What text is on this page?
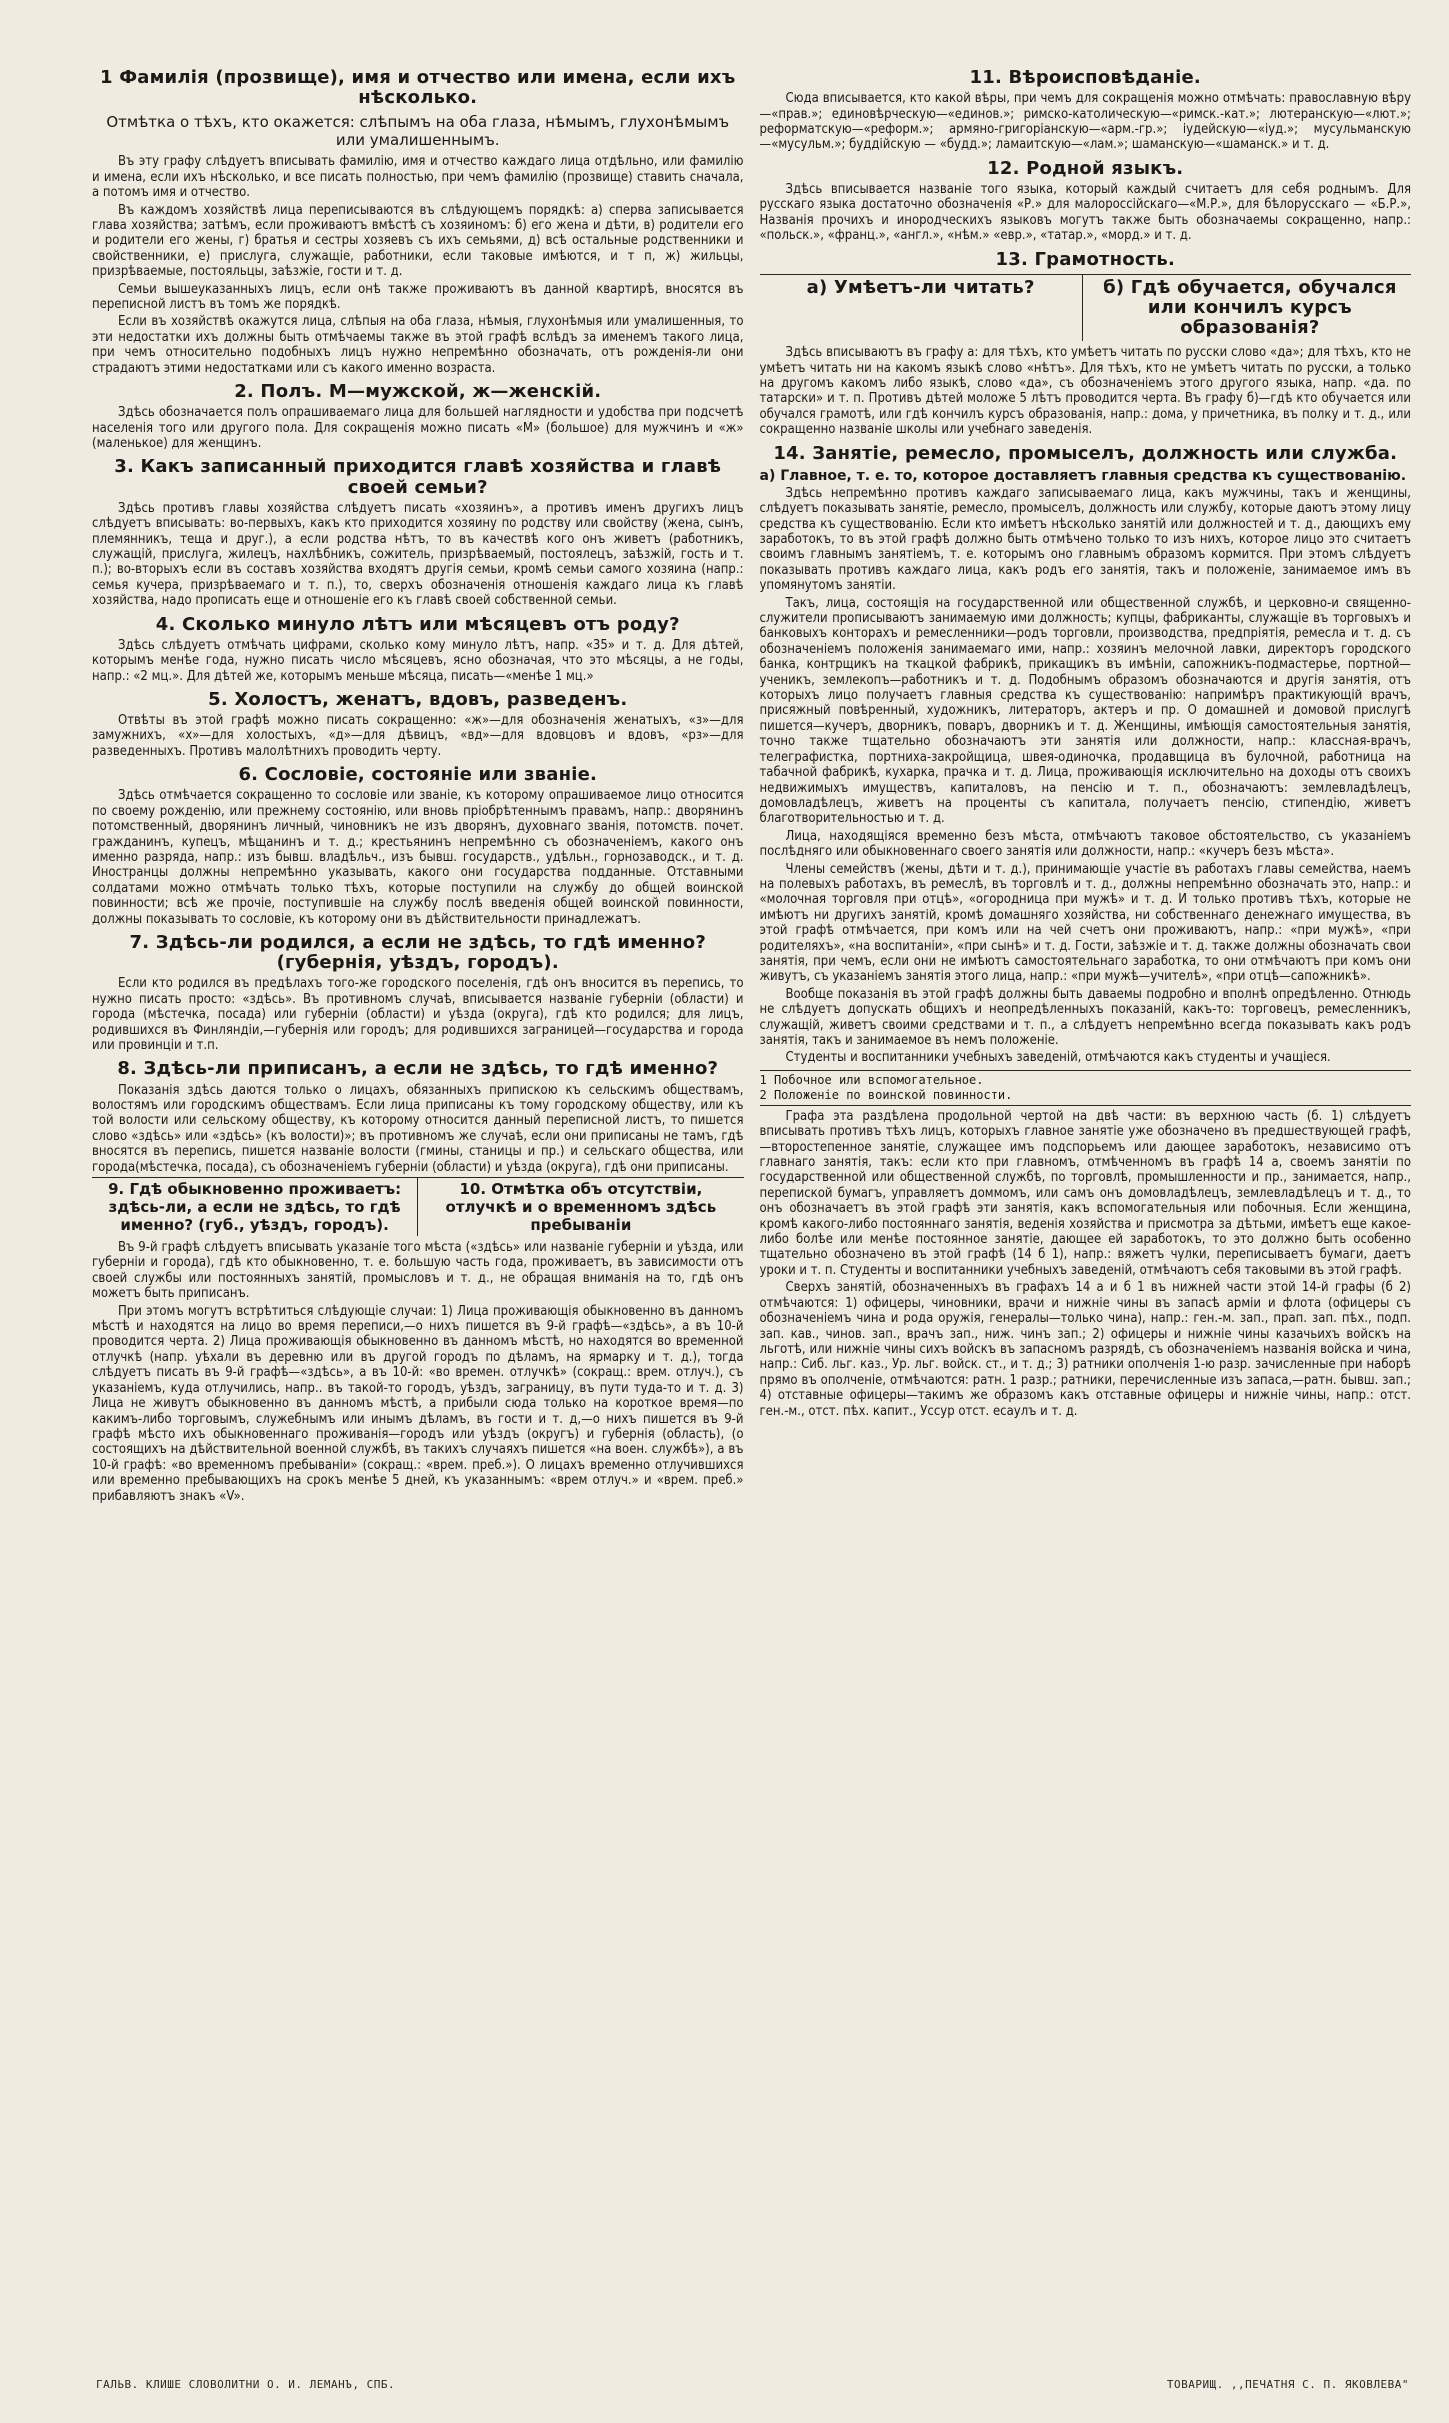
1 Фамилія (прозвище), имя и отчество или имена, если ихъ нѣсколько.
Отмѣтка о тѣхъ, кто окажется: слѣпымъ на оба глаза, нѣмымъ, глухонѣмымъ или умалишеннымъ.

Въ эту графу слѣдуетъ вписывать фамилію, имя и отчество каждаго лица отдѣльно, или фамилію и имена, если ихъ нѣсколько, и все писать полностью, при чемъ фамилію (прозвище) ставить сначала, а потомъ имя и отчество.

Въ каждомъ хозяйствѣ лица переписываются въ слѣдующемъ порядкѣ: а) сперва записывается глава хозяйства; затѣмъ, если проживаютъ вмѣстѣ съ хозяиномъ: б) его жена и дѣти, в) родители его и родители его жены, г) братья и сестры хозяевъ съ ихъ семьями, д) всѣ остальные родственники и свойственники, е) прислуга, служащіе, работники, если таковые имѣются, и т п, ж) жильцы, призрѣваемые, постояльцы, заѣзжіе, гости и т. д.

Семьи вышеуказанныхъ лицъ, если онѣ также проживаютъ въ данной квартирѣ, вносятся въ переписной листъ въ томъ же порядкѣ.

Если въ хозяйствѣ окажутся лица, слѣпыя на оба глаза, нѣмыя, глухонѣмыя или умалишенныя, то эти недостатки ихъ должны быть отмѣчаемы также въ этой графѣ вслѣдъ за именемъ такого лица, при чемъ относительно подобныхъ лицъ нужно непремѣнно обозначать, отъ рожденія-ли они страдаютъ этими недостатками или съ какого именно возраста.

2. Полъ. М—мужской, ж—женскій.

Здѣсь обозначается полъ опрашиваемаго лица для большей наглядности и удобства при подсчетѣ населенія того или другого пола. Для сокращенія можно писать «М» (большое) для мужчинъ и «ж» (маленькое) для женщинъ.

3. Какъ записанный приходится главѣ хозяйства и главѣ своей семьи?

Здѣсь противъ главы хозяйства слѣдуетъ писать «хозяинъ», а противъ именъ другихъ лицъ слѣдуетъ вписывать: во-первыхъ, какъ кто приходится хозяину по родству или свойству (жена, сынъ, племянникъ, теща и друг.), а если родства нѣтъ, то въ качествѣ кого онъ живетъ (работникъ, служащій, прислуга, жилецъ, нахлѣбникъ, сожитель, призрѣваемый, постоялецъ, заѣзжій, гость и т. п.); во-вторыхъ если въ составъ хозяйства входятъ другія семьи, кромѣ семьи самого хозяина (напр.: семья кучера, призрѣваемаго и т. п.), то, сверхъ обозначенія отношенія каждаго лица къ главѣ хозяйства, надо прописать еще и отношеніе его къ главѣ своей собственной семьи.

4. Сколько минуло лѣтъ или мѣсяцевъ отъ роду?

Здѣсь слѣдуетъ отмѣчать цифрами, сколько кому минуло лѣтъ, напр. «35» и т. д. Для дѣтей, которымъ менѣе года, нужно писать число мѣсяцевъ, ясно обозначая, что это мѣсяцы, а не годы, напр.: «2 мц.». Для дѣтей же, которымъ меньше мѣсяца, писать—«менѣе 1 мц.»

5. Холостъ, женатъ, вдовъ, разведенъ.

Отвѣты въ этой графѣ можно писать сокращенно: «ж»—для обозначенія женатыхъ, «з»—для замужнихъ, «х»—для холостыхъ, «д»—для дѣвицъ, «вд»—для вдовцовъ и вдовъ, «рз»—для разведенныхъ. Противъ малолѣтнихъ проводить черту.

6. Сословіе, состояніе или званіе.

Здѣсь отмѣчается сокращенно то сословіе или званіе, къ которому опрашиваемое лицо относится по своему рожденію, или прежнему состоянію, или вновь пріобрѣтеннымъ правамъ, напр.: дворянинъ потомственный, дворянинъ личный, чиновникъ не изъ дворянъ, духовнаго званія, потомств. почет. гражданинъ, купецъ, мѣщанинъ и т. д.; крестьянинъ непремѣнно съ обозначеніемъ, какого онъ именно разряда, напр.: изъ бывш. владѣльч., изъ бывш. государств., удѣльн., горнозаводск., и т. д. Иностранцы должны непремѣнно указывать, какого они государства подданные. Отставными солдатами можно отмѣчать только тѣхъ, которые поступили на службу до общей воинской повинности; всѣ же прочіе, поступившіе на службу послѣ введенія общей воинской повинности, должны показывать то сословіе, къ которому они въ дѣйствительности принадлежатъ.

7. Здѣсь-ли родился, а если не здѣсь, то гдѣ именно? (губернія, уѣздъ, городъ).

Если кто родился въ предѣлахъ того-же городского поселенія, гдѣ онъ вносится въ перепись, то нужно писать просто: «здѣсь». Въ противномъ случаѣ, вписывается названіе губерніи (области) и города (мѣстечка, посада) или губерніи (области) и уѣзда (округа), гдѣ кто родился; для лицъ, родившихся въ Финляндіи,—губернія или городъ; для родившихся заграницей—государства и города или провинціи и т.п.

8. Здѣсь-ли приписанъ, а если не здѣсь, то гдѣ именно?

Показанія здѣсь даются только о лицахъ, обязанныхъ припискою къ сельскимъ обществамъ, волостямъ или городскимъ обществамъ. Если лица приписаны къ тому городскому обществу, или къ той волости или сельскому обществу, къ которому относится данный переписной листъ, то пишется слово «здѣсь» или «здѣсь» (къ волости)»; въ противномъ же случаѣ, если они приписаны не тамъ, гдѣ вносятся въ перепись, пишется названіе волости (гмины, станицы и пр.) и сельскаго общества, или города(мѣстечка, посада), съ обозначеніемъ губерніи (области) и уѣзда (округа), гдѣ они приписаны.

9. Гдѣ обыкновенно проживаетъ: здѣсь-ли, а если не здѣсь, то гдѣ именно? (губ., уѣздъ, городъ).
10. Отмѣтка объ отсутствіи, отлучкѣ и о временномъ здѣсь пребываніи

Въ 9-й графѣ слѣдуетъ вписывать указаніе того мѣста («здѣсь» или названіе губерніи и уѣзда, или губерніи и города), гдѣ кто обыкновенно, т. е. большую часть года, проживаетъ, въ зависимости отъ своей службы или постоянныхъ занятій, промысловъ и т. д., не обращая вниманія на то, гдѣ онъ можетъ быть приписанъ.

При этомъ могутъ встрѣтиться слѣдующіе случаи: 1) Лица проживающія обыкновенно въ данномъ мѣстѣ и находятся на лицо во время переписи,—о нихъ пишется въ 9-й графѣ—«здѣсь», а въ 10-й проводится черта. 2) Лица проживающія обыкновенно въ данномъ мѣстѣ, но находятся во временной отлучкѣ (напр. уѣхали въ деревню или въ другой городъ по дѣламъ, на ярмарку и т. д.), тогда слѣдуетъ писать въ 9-й графѣ—«здѣсь», а въ 10-й: «во времен. отлучкѣ» (сокращ.: врем. отлуч.), съ указаніемъ, куда отлучились, напр.. въ такой-то городъ, уѣздъ, заграницу, въ пути туда-то и т. д. 3) Лица не живутъ обыкновенно въ данномъ мѣстѣ, а прибыли сюда только на короткое время—по какимъ-либо торговымъ, служебнымъ или инымъ дѣламъ, въ гости и т. д,—о нихъ пишется въ 9-й графѣ мѣсто ихъ обыкновеннаго проживанія—городъ или уѣздъ (округъ) и губернія (область), (о состоящихъ на дѣйствительной военной службѣ, въ такихъ случаяхъ пишется «на воен. службѣ»), а въ 10-й графѣ: «во временномъ пребываніи» (сокращ.: «врем. преб.»). О лицахъ временно отлучившихся или временно пребывающихъ на срокъ менѣе 5 дней, къ указаннымъ: «врем отлуч.» и «врем. преб.» прибавляютъ знакъ «V».

11. Вѣроисповѣданіе.

Сюда вписывается, кто какой вѣры, при чемъ для сокращенія можно отмѣчать: православную вѣру—«прав.»; единовѣрческую—«единов.»; римско-католическую—«римск.-кат.»; лютеранскую—«лют.»; реформатскую—«реформ.»; армяно-григоріанскую—«арм.-гр.»; іудейскую—«іуд.»; мусульманскую—«мусульм.»; буддійскую — «будд.»; ламаитскую—«лам.»; шаманскую—«шаманск.» и т. д.

12. Родной языкъ.

Здѣсь вписывается названіе того языка, который каждый считаетъ для себя роднымъ. Для русскаго языка достаточно обозначенія «Р.» для малороссійскаго—«М.Р.», для бѣлорусскаго — «Б.Р.», Названія прочихъ и инородческихъ языковъ могутъ также быть обозначаемы сокращенно, напр.: «польск.», «франц.», «англ.», «нѣм.» «евр.», «татар.», «морд.» и т. д.

13. Грамотность.
а) Умѣетъ-ли читать?	б) Гдѣ обучается, обучался или кончилъ курсъ образованія?

Здѣсь вписываютъ въ графу а: для тѣхъ, кто умѣетъ читать по русски слово «да»; для тѣхъ, кто не умѣетъ читать ни на какомъ языкѣ слово «нѣтъ». Для тѣхъ, кто не умѣетъ читать по русски, а только на другомъ какомъ либо языкѣ, слово «да», съ обозначеніемъ этого другого языка, напр. «да. по татарски» и т. п. Противъ дѣтей моложе 5 лѣтъ проводится черта. Въ графу б)—гдѣ кто обучается или обучался грамотѣ, или гдѣ кончилъ курсъ образованія, напр.: дома, у причетника, въ полку и т. д., или сокращенно названіе школы или учебнаго заведенія.

14. Занятіе, ремесло, промыселъ, должность или служба.
а) Главное, т. е. то, которое доставляетъ главныя средства къ существованію.

Здѣсь непремѣнно противъ каждаго записываемаго лица, какъ мужчины, такъ и женщины, слѣдуетъ показывать занятіе, ремесло, промыселъ, должность или службу, которые даютъ этому лицу средства къ существованію. Если кто имѣетъ нѣсколько занятій или должностей и т. д., дающихъ ему заработокъ, то въ этой графѣ должно быть отмѣчено только то изъ нихъ, которое лицо это считаетъ своимъ главнымъ занятіемъ, т. е. которымъ оно главнымъ образомъ кормится. При этомъ слѣдуетъ показывать противъ каждаго лица, какъ родъ его занятія, такъ и положеніе, занимаемое имъ въ упомянутомъ занятіи.

Такъ, лица, состоящія на государственной или общественной службѣ, и церковно-и священно-служители прописываютъ занимаемую ими должность; купцы, фабриканты, служащіе въ торговыхъ и банковыхъ конторахъ и ремесленники—родъ торговли, производства, предпріятія, ремесла и т. д. съ обозначеніемъ положенія занимаемаго ими, напр.: хозяинъ мелочной лавки, директоръ городского банка, контрщикъ на ткацкой фабрикѣ, прикащикъ въ имѣніи, сапожникъ-подмастерье, портной—ученикъ, землекопъ—работникъ и т. д. Подобнымъ образомъ обозначаются и другія занятія, отъ которыхъ лицо получаетъ главныя средства къ существованію: напримѣръ практикующій врачъ, присяжный повѣренный, художникъ, литераторъ, актеръ и пр. О домашней и домовой прислугѣ пишется—кучеръ, дворникъ, поваръ, дворникъ и т. д. Женщины, имѣющія самостоятельныя занятія, точно также тщательно обозначаютъ эти занятія или должности, напр.: классная-врачъ, телеграфистка, портниха-закройщица, швея-одиночка, продавщица въ булочной, работница на табачной фабрикѣ, кухарка, прачка и т. д. Лица, проживающія исключительно на доходы отъ своихъ недвижимыхъ имуществъ, капиталовъ, на пенсію и т. п., обозначаютъ: землевладѣлецъ, домовладѣлецъ, живетъ на проценты съ капитала, получаетъ пенсію, стипендію, живетъ благотворительностью и т. д.

Лица, находящіяся временно безъ мѣста, отмѣчаютъ таковое обстоятельство, съ указаніемъ послѣдняго или обыкновеннаго своего занятія или должности, напр.: «кучеръ безъ мѣста».

Члены семействъ (жены, дѣти и т. д.), принимающіе участіе въ работахъ главы семейства, наемъ на полевыхъ работахъ, въ ремеслѣ, въ торговлѣ и т. д., должны непремѣнно обозначать это, напр.: и «молочная торговля при отцѣ», «огородница при мужѣ» и т. д. И только противъ тѣхъ, которые не имѣютъ ни другихъ занятій, кромѣ домашняго хозяйства, ни собственнаго денежнаго имущества, въ этой графѣ отмѣчается, при комъ или на чей счетъ они проживаютъ, напр.: «при мужѣ», «при родителяхъ», «на воспитаніи», «при сынѣ» и т. д. Гости, заѣзжіе и т. д. также должны обозначать свои занятія, при чемъ, если они не имѣютъ самостоятельнаго заработка, то они отмѣчаютъ при комъ они живутъ, съ указаніемъ занятія этого лица, напр.: «при мужѣ—учителѣ», «при отцѣ—сапожникѣ».

Вообще показанія въ этой графѣ должны быть даваемы подробно и вполнѣ опредѣленно. Отнюдь не слѣдуетъ допускать общихъ и неопредѣленныхъ показаній, какъ-то: торговецъ, ремесленникъ, служащій, живетъ своими средствами и т. п., а слѣдуетъ непремѣнно всегда показывать какъ родъ занятія, такъ и занимаемое въ немъ положеніе.

Студенты и воспитанники учебныхъ заведеній, отмѣчаются какъ студенты и учащіеся.

1 Побочное или вспомогательное.
2 Положеніе по воинской повинности.

Графа эта раздѣлена продольной чертой на двѣ части: въ верхнюю часть (б. 1) слѣдуетъ вписывать противъ тѣхъ лицъ, которыхъ главное занятіе уже обозначено въ предшествующей графѣ,—второстепенное занятіе, служащее имъ подспорьемъ или дающее заработокъ, независимо отъ главнаго занятія, такъ: если кто при главномъ, отмѣченномъ въ графѣ 14 а, своемъ занятіи по государственной или общественной службѣ, по торговлѣ, промышленности и пр., занимается, напр., перепиской бумагъ, управляетъ доммомъ, или самъ онъ домовладѣлецъ, землевладѣлецъ и т. д., то онъ обозначаетъ въ этой графѣ эти занятія, какъ вспомогательныя или побочныя. Если женщина, кромѣ какого-либо постояннаго занятія, веденія хозяйства и присмотра за дѣтьми, имѣетъ еще какое-либо болѣе или менѣе постоянное занятіе, дающее ей заработокъ, то это должно быть особенно тщательно обозначено въ этой графѣ (14 б 1), напр.: вяжетъ чулки, переписываетъ бумаги, даетъ уроки и т. п. Студенты и воспитанники учебныхъ заведеній, отмѣчаютъ себя таковыми въ этой графѣ.

Сверхъ занятій, обозначенныхъ въ графахъ 14 а и б 1 въ нижней части этой 14-й графы (б 2) отмѣчаются: 1) офицеры, чиновники, врачи и нижніе чины въ запасѣ арміи и флота (офицеры съ обозначеніемъ чина и рода оружія, генералы—только чина), напр.: ген.-м. зап., прап. зап. пѣх., подп. зап. кав., чинов. зап., врачъ зап., ниж. чинъ зап.; 2) офицеры и нижніе чины казачьихъ войскъ на льготѣ, или нижніе чины сихъ войскъ въ запасномъ разрядѣ, съ обозначеніемъ названія войска и чина, напр.: Сиб. льг. каз., Ур. льг. войск. ст., и т. д.; 3) ратники ополченія 1-ю разр. зачисленные при наборѣ прямо въ ополченіе, отмѣчаются: ратн. 1 разр.; ратники, перечисленные изъ запаса,—ратн. бывш. зап.; 4) отставные офицеры—такимъ же образомъ какъ отставные офицеры и нижніе чины, напр.: отст. ген.-м., отст. пѣх. капит., Уссур отст. есаулъ и т. д.

ГАЛЬВ. КЛИШЕ СЛОВОЛИТНИ О. И. ЛЕМАНЪ, СПБ.	ТОВАРИЩ. ,,ПЕЧАТНЯ С. П. ЯКОВЛЕВА"
